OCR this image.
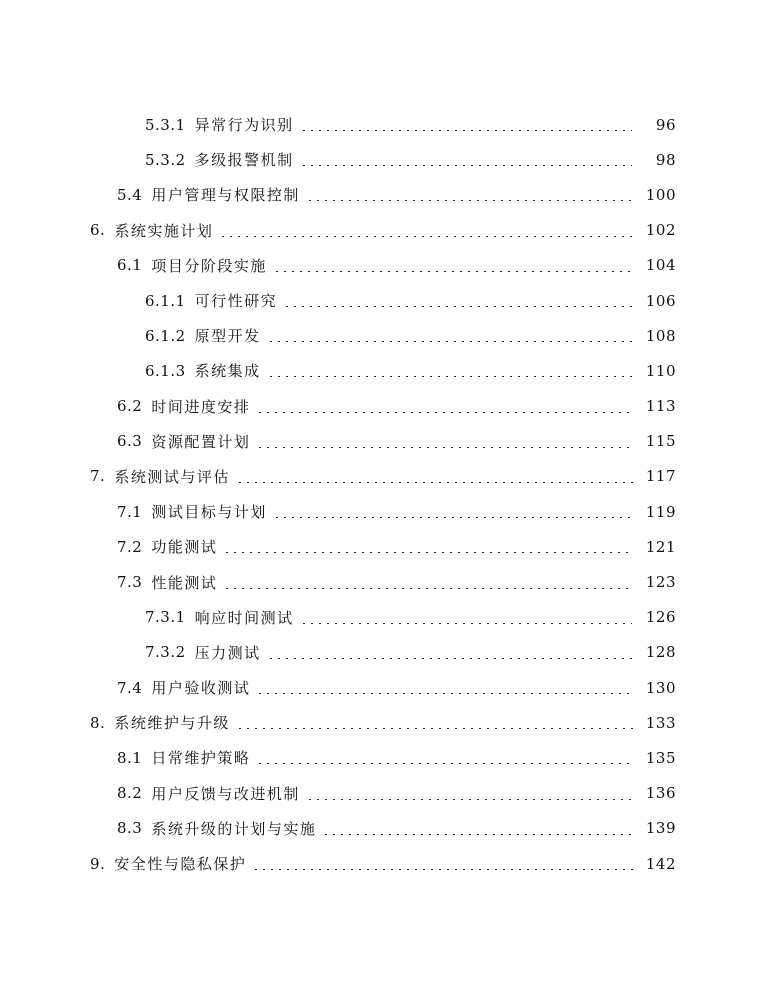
5.3.1 异常行为识别	96
5.3.2 多级报警机制	98
5.4 用户管理与权限控制	100
6. 系统实施计划	102
6.1 项目分阶段实施	104
6.1.1 可行性研究	106
6.1.2 原型开发	108
6.1.3 系统集成	110
6.2 时间进度安排	113
6.3 资源配置计划	115
7. 系统测试与评估	117
7.1 测试目标与计划	119
7.2 功能测试	121
7.3 性能测试	123
7.3.1 响应时间测试	126
7.3.2 压力测试	128
7.4 用户验收测试	130
8. 系统维护与升级	133
8.1 日常维护策略	135
8.2 用户反馈与改进机制	136
8.3 系统升级的计划与实施	139
9. 安全性与隐私保护	142
